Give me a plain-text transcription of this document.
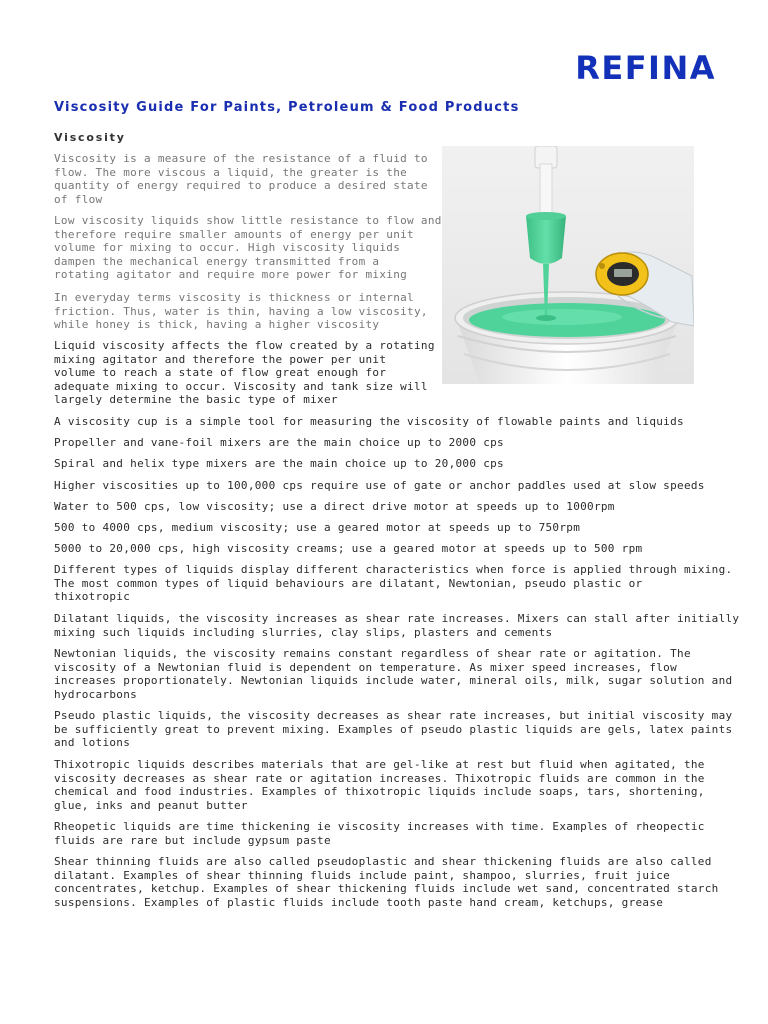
REFINA
Viscosity Guide For Paints, Petroleum & Food Products
Viscosity

Viscosity is a measure of the resistance of a fluid to
flow. The more viscous a liquid, the greater is the
quantity of energy required to produce a desired state
of flow

Low viscosity liquids show little resistance to flow and
therefore require smaller amounts of energy per unit
volume for mixing to occur. High viscosity liquids
dampen the mechanical energy transmitted from a
rotating agitator and require more power for mixing

In everyday terms viscosity is thickness or internal
friction. Thus, water is thin, having a low viscosity,
while honey is thick, having a higher viscosity

Liquid viscosity affects the flow created by a rotating
mixing agitator and therefore the power per unit
volume to reach a state of flow great enough for
adequate mixing to occur. Viscosity and tank size will
largely determine the basic type of mixer

A viscosity cup is a simple tool for measuring the viscosity of flowable paints and liquids

Propeller and vane-foil mixers are the main choice up to 2000 cps

Spiral and helix type mixers are the main choice up to 20,000 cps

Higher viscosities up to 100,000 cps require use of gate or anchor paddles used at slow speeds

Water to 500 cps, low viscosity; use a direct drive motor at speeds up to 1000rpm

500 to 4000 cps, medium viscosity; use a geared motor at speeds up to 750rpm

5000 to 20,000 cps, high viscosity creams; use a geared motor at speeds up to 500 rpm

Different types of liquids display different characteristics when force is applied through mixing.
The most common types of liquid behaviours are dilatant, Newtonian, pseudo plastic or
thixotropic

Dilatant liquids, the viscosity increases as shear rate increases. Mixers can stall after initially
mixing such liquids including slurries, clay slips, plasters and cements

Newtonian liquids, the viscosity remains constant regardless of shear rate or agitation. The
viscosity of a Newtonian fluid is dependent on temperature. As mixer speed increases, flow
increases proportionately. Newtonian liquids include water, mineral oils, milk, sugar solution and
hydrocarbons

Pseudo plastic liquids, the viscosity decreases as shear rate increases, but initial viscosity may
be sufficiently great to prevent mixing. Examples of pseudo plastic liquids are gels, latex paints
and lotions

Thixotropic liquids describes materials that are gel-like at rest but fluid when agitated, the
viscosity decreases as shear rate or agitation increases. Thixotropic fluids are common in the
chemical and food industries. Examples of thixotropic liquids include soaps, tars, shortening,
glue, inks and peanut butter

Rheopetic liquids are time thickening ie viscosity increases with time. Examples of rheopectic
fluids are rare but include gypsum paste

Shear thinning fluids are also called pseudoplastic and shear thickening fluids are also called
dilatant. Examples of shear thinning fluids include paint, shampoo, slurries, fruit juice
concentrates, ketchup. Examples of shear thickening fluids include wet sand, concentrated starch
suspensions. Examples of plastic fluids include tooth paste hand cream, ketchups, grease
